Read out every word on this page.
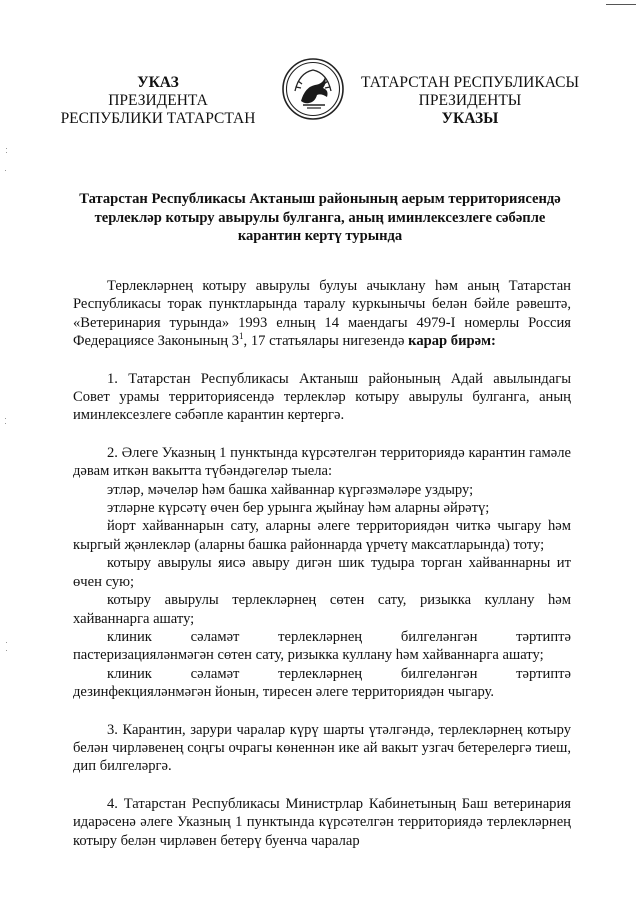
УКАЗ
ПРЕЗИДЕНТА
РЕСПУБЛИКИ ТАТАРСТАН
ТАТАРСТАН РЕСПУБЛИКАСЫ
ПРЕЗИДЕНТЫ
УКАЗЫ
Татарстан Республикасы Актаныш районының аерым территориясендә
терлекләр котыру авырулы булганга, аның иминлексезлеге сәбәпле
карантин кертү турында

Терлекләрнең котыру авырулы булуы ачыклану һәм аның Татарстан Республикасы торак пунктларында таралу куркынычы белән бәйле рәвештә, «Ветеринария турында» 1993 елның 14 маендагы 4979-I номерлы Россия Федерациясе Законының $3^1$, 17 статьялары нигезендә карар бирәм:

1. Татарстан Республикасы Актаныш районының Адай авылындагы Совет урамы территориясендә терлекләр котыру авырулы булганга, аның иминлексезлеге сәбәпле карантин кертергә.

2. Әлеге Указның 1 пунктында күрсәтелгән территориядә карантин гамәле дәвам иткән вакытта түбәндәгеләр тыела:

этләр, мәчеләр һәм башка хайваннар күргәзмәләре уздыру;

этләрне күрсәтү өчен бер урынга җыйнау һәм аларны әйрәтү;

йорт хайваннарын сату, аларны әлеге территориядән читкә чыгару һәм кыргый җәнлекләр (аларны башка районнарда үрчетү максатларында) тоту;

котыру авырулы яисә авыру дигән шик тудыра торган хайваннарны ит өчен сую;

котыру авырулы терлекләрнең сөтен сату, ризыкка куллану һәм хайваннарга ашату;

клиник сәламәт терлекләрнең билгеләнгән тәртиптә пастеризацияләнмәгән сөтен сату, ризыкка куллану һәм хайваннарга ашату;

клиник сәламәт терлекләрнең билгеләнгән тәртиптә дезинфекцияләнмәгән йонын, тиресен әлеге территориядән чыгару.

3. Карантин, зарури чаралар күрү шарты үтәлгәндә, терлекләрнең котыру белән чирләвенең соңгы очрагы көненнән ике ай вакыт узгач бетерелергә тиеш, дип билгеләргә.

4. Татарстан Республикасы Министрлар Кабинетының Баш ветеринария идарәсенә әлеге Указның 1 пунктында күрсәтелгән территориядә терлекләрнең котыру белән чирләвен бетерү буенча чаралар
